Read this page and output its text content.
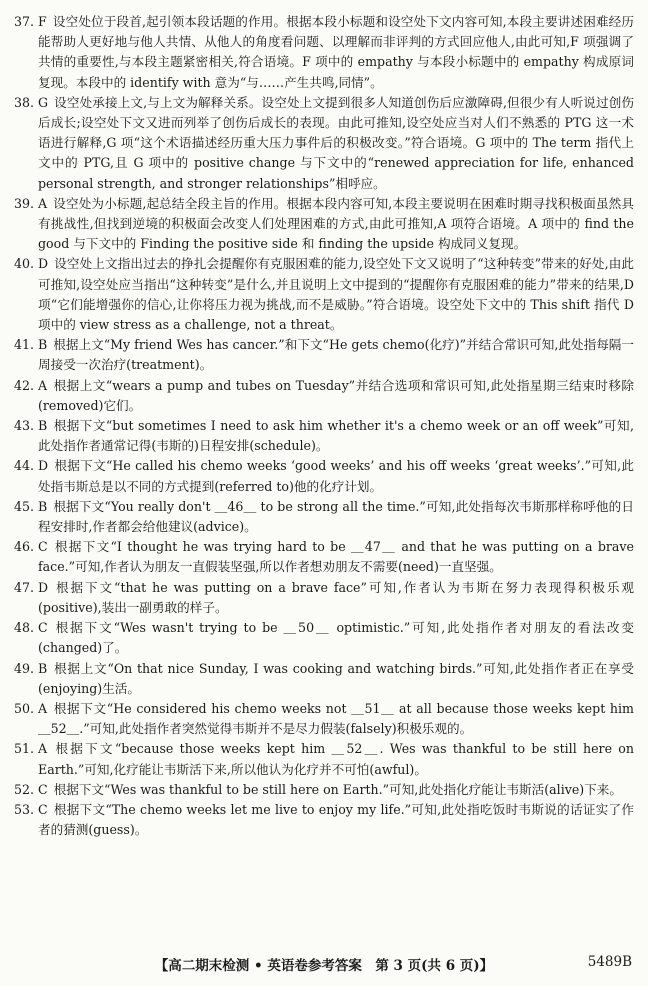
37. F 设空处位于段首,起引领本段话题的作用。根据本段小标题和设空处下文内容可知,本段主要讲述困难经历能帮助人更好地与他人共情、从他人的角度看问题、以理解而非评判的方式回应他人,由此可知,F 项强调了共情的重要性,与本段主题紧密相关,符合语境。F 项中的 empathy 与本段小标题中的 empathy 构成原词复现。本段中的 identify with 意为“与……产生共鸣,同情”。
38. G 设空处承接上文,与上文为解释关系。设空处上文提到很多人知道创伤后应激障碍,但很少有人听说过创伤后成长;设空处下文又进而列举了创伤后成长的表现。由此可推知,设空处应当对人们不熟悉的 PTG 这一术语进行解释,G 项“这个术语描述经历重大压力事件后的积极改变。”符合语境。G 项中的 The term 指代上文中的 PTG,且 G 项中的 positive change 与下文中的“renewed appreciation for life, enhanced personal strength, and stronger relationships”相呼应。
39. A 设空处为小标题,起总结全段主旨的作用。根据本段内容可知,本段主要说明在困难时期寻找积极面虽然具有挑战性,但找到逆境的积极面会改变人们处理困难的方式,由此可推知,A 项符合语境。A 项中的 find the good 与下文中的 Finding the positive side 和 finding the upside 构成同义复现。
40. D 设空处上文指出过去的挣扎会提醒你有克服困难的能力,设空处下文又说明了“这种转变”带来的好处,由此可推知,设空处应当指出“这种转变”是什么,并且说明上文中提到的“提醒你有克服困难的能力”带来的结果,D 项“它们能增强你的信心,让你将压力视为挑战,而不是威胁。”符合语境。设空处下文中的 This shift 指代 D 项中的 view stress as a challenge, not a threat。
41. B 根据上文“My friend Wes has cancer.”和下文“He gets chemo(化疗)”并结合常识可知,此处指每隔一周接受一次治疗(treatment)。
42. A 根据上文“wears a pump and tubes on Tuesday”并结合选项和常识可知,此处指星期三结束时移除(removed)它们。
43. B 根据下文“but sometimes I need to ask him whether it's a chemo week or an off week”可知,此处指作者通常记得(韦斯的)日程安排(schedule)。
44. D 根据下文“He called his chemo weeks ‘good weeks’ and his off weeks ‘great weeks’.”可知,此处指韦斯总是以不同的方式提到(referred to)他的化疗计划。
45. B 根据下文“You really don't ＿46＿ to be strong all the time.”可知,此处指每次韦斯那样称呼他的日程安排时,作者都会给他建议(advice)。
46. C 根据下文“I thought he was trying hard to be ＿47＿ and that he was putting on a brave face.”可知,作者认为朋友一直假装坚强,所以作者想劝朋友不需要(need)一直坚强。
47. D 根据下文“that he was putting on a brave face”可知,作者认为韦斯在努力表现得积极乐观(positive),装出一副勇敢的样子。
48. C 根据下文“Wes wasn't trying to be ＿50＿ optimistic.”可知,此处指作者对朋友的看法改变(changed)了。
49. B 根据上文“On that nice Sunday, I was cooking and watching birds.”可知,此处指作者正在享受(enjoying)生活。
50. A 根据下文“He considered his chemo weeks not ＿51＿ at all because those weeks kept him ＿52＿.”可知,此处指作者突然觉得韦斯并不是尽力假装(falsely)积极乐观的。
51. A 根据下文“because those weeks kept him ＿52＿. Wes was thankful to be still here on Earth.”可知,化疗能让韦斯活下来,所以他认为化疗并不可怕(awful)。
52. C 根据下文“Wes was thankful to be still here on Earth.”可知,此处指化疗能让韦斯活(alive)下来。
53. C 根据下文“The chemo weeks let me live to enjoy my life.”可知,此处指吃饭时韦斯说的话证实了作者的猜测(guess)。
【高二期末检测 • 英语卷参考答案　第 3 页(共 6 页)】	5489B
